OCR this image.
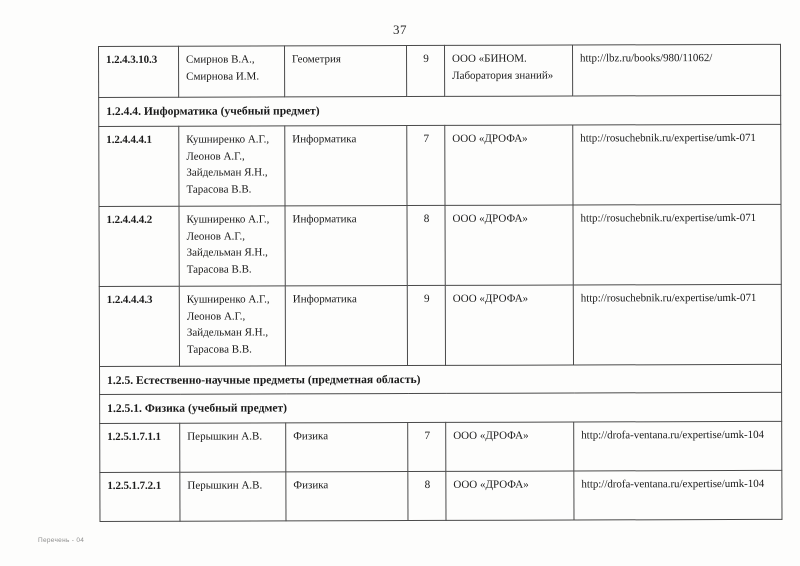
37
1.2.4.3.10.3	Смирнов В.А., Смирнова И.М.	Геометрия	9	ООО «БИНОМ. Лаборатория знаний»	http://lbz.ru/books/980/11062/
1.2.4.4. Информатика (учебный предмет)					
1.2.4.4.4.1	Кушниренко А.Г., Леонов А.Г., Зайдельман Я.Н., Тарасова В.В.	Информатика	7	ООО «ДРОФА»	http://rosuchebnik.ru/expertise/umk-071
1.2.4.4.4.2	Кушниренко А.Г., Леонов А.Г., Зайдельман Я.Н., Тарасова В.В.	Информатика	8	ООО «ДРОФА»	http://rosuchebnik.ru/expertise/umk-071
1.2.4.4.4.3	Кушниренко А.Г., Леонов А.Г., Зайдельман Я.Н., Тарасова В.В.	Информатика	9	ООО «ДРОФА»	http://rosuchebnik.ru/expertise/umk-071
1.2.5. Естественно-научные предметы (предметная область)					
1.2.5.1. Физика (учебный предмет)					
1.2.5.1.7.1.1	Перышкин А.В.	Физика	7	ООО «ДРОФА»	http://drofa-ventana.ru/expertise/umk-104
1.2.5.1.7.2.1	Перышкин А.В.	Физика	8	ООО «ДРОФА»	http://drofa-ventana.ru/expertise/umk-104
Перечень - 04
